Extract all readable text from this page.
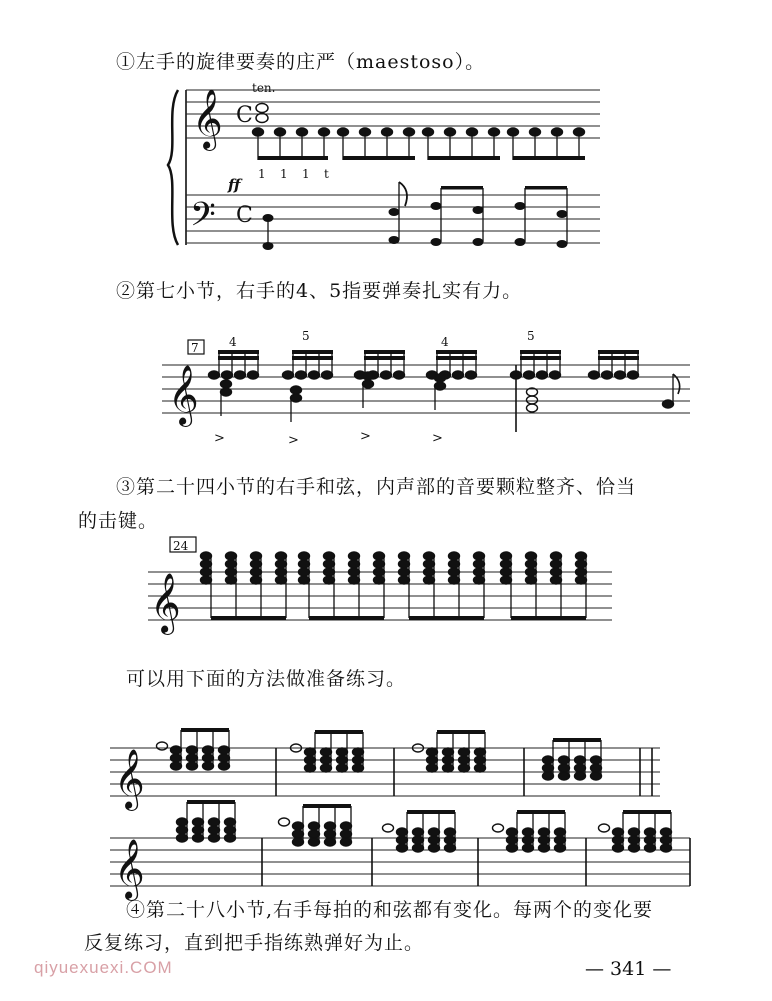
①左手的旋律要奏的庄严（maestoso）。
②第七小节，右手的4、5指要弹奏扎实有力。
③第二十四小节的右手和弦，内声部的音要颗粒整齐、恰当
的击键。
可以用下面的方法做准备练习。
④第二十八小节,右手每拍的和弦都有变化。每两个的变化要
反复练习，直到把手指练熟弹好为止。
𝄞
𝄢
C
C
ten.
ff
1 1 1 t
7
𝄞
4	5	4	5
>	>	>	>
24
𝄞
𝄞
𝄞
qiyuexuexi.COM	— 341 —
